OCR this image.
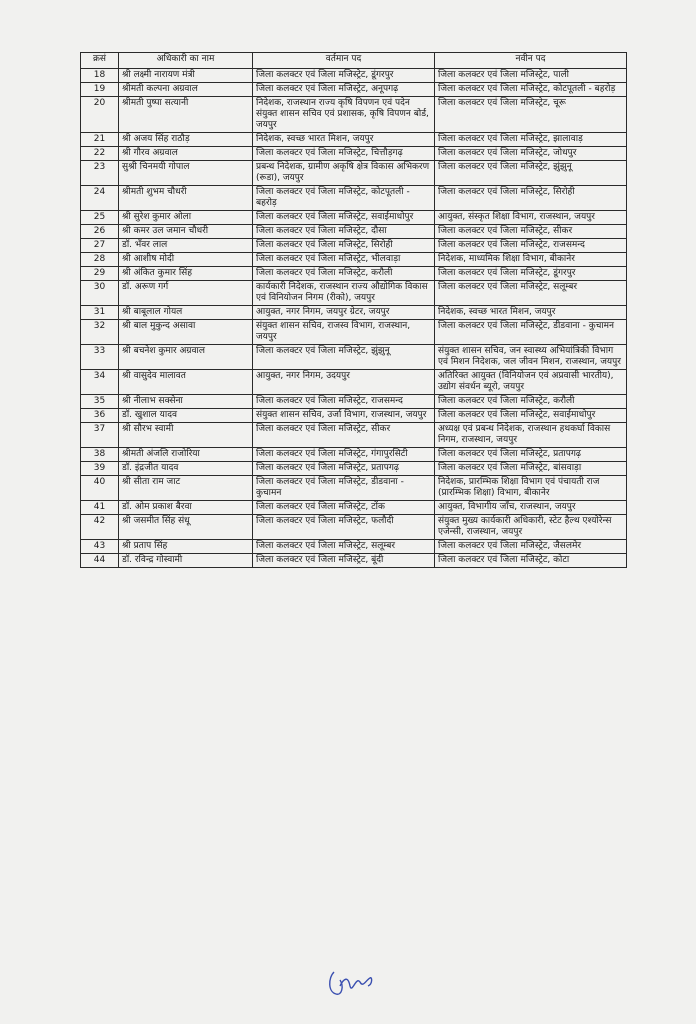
क्रसं	अधिकारी का नाम	वर्तमान पद	नवीन पद
18	श्री लक्ष्मी नारायण मंत्री	जिला कलक्टर एवं जिला मजिस्ट्रेट, डूंगरपुर	जिला कलक्टर एवं जिला मजिस्ट्रेट, पाली
19	श्रीमती कल्पना अग्रवाल	जिला कलक्टर एवं जिला मजिस्ट्रेट, अनूपगढ़	जिला कलक्टर एवं जिला मजिस्ट्रेट, कोटपूतली - बहरोड़
20	श्रीमती पुष्पा सत्यानी	निदेशक, राजस्थान राज्य कृषि विपणन एवं पदेन संयुक्त शासन सचिव एवं प्रशासक, कृषि विपणन बोर्ड, जयपुर	जिला कलक्टर एवं जिला मजिस्ट्रेट, चूरू
21	श्री अजय सिंह राठौड़	निदेशक, स्वच्छ भारत मिशन, जयपुर	जिला कलक्टर एवं जिला मजिस्ट्रेट, झालावाड़
22	श्री गौरव अग्रवाल	जिला कलक्टर एवं जिला मजिस्ट्रेट, चित्तौड़गढ़	जिला कलक्टर एवं जिला मजिस्ट्रेट, जोधपुर
23	सुश्री चिनमयी गोपाल	प्रबन्ध निदेशक, ग्रामीण अकृषि क्षेत्र विकास अभिकरण (रूडा), जयपुर	जिला कलक्टर एवं जिला मजिस्ट्रेट, झुंझुनू
24	श्रीमती शुभम चौधरी	जिला कलक्टर एवं जिला मजिस्ट्रेट, कोटपूतली - बहरोड़	जिला कलक्टर एवं जिला मजिस्ट्रेट, सिरोही
25	श्री सुरेश कुमार ओला	जिला कलक्टर एवं जिला मजिस्ट्रेट, सवाईमाधोपुर	आयुक्त, संस्कृत शिक्षा विभाग, राजस्थान, जयपुर
26	श्री कमर उल जमान चौधरी	जिला कलक्टर एवं जिला मजिस्ट्रेट, दौसा	जिला कलक्टर एवं जिला मजिस्ट्रेट, सीकर
27	डॉ. भँवर लाल	जिला कलक्टर एवं जिला मजिस्ट्रेट, सिरोही	जिला कलक्टर एवं जिला मजिस्ट्रेट, राजसमन्द
28	श्री आशीष मोदी	जिला कलक्टर एवं जिला मजिस्ट्रेट, भीलवाड़ा	निदेशक, माध्यमिक शिक्षा विभाग, बीकानेर
29	श्री अंकित कुमार सिंह	जिला कलक्टर एवं जिला मजिस्ट्रेट, करौली	जिला कलक्टर एवं जिला मजिस्ट्रेट, डूंगरपुर
30	डॉ. अरूण गर्ग	कार्यकारी निदेशक, राजस्थान राज्य औद्योगिक विकास एवं विनियोजन निगम (रीको), जयपुर	जिला कलक्टर एवं जिला मजिस्ट्रेट, सलूम्बर
31	श्री बाबूलाल गोयल	आयुक्त, नगर निगम, जयपुर ग्रेटर, जयपुर	निदेशक, स्वच्छ भारत मिशन, जयपुर
32	श्री बाल मुकुन्द असावा	संयुक्त शासन सचिव, राजस्व विभाग, राजस्थान, जयपुर	जिला कलक्टर एवं जिला मजिस्ट्रेट, डीडवाना - कुचामन
33	श्री बचनेश कुमार अग्रवाल	जिला कलक्टर एवं जिला मजिस्ट्रेट, झुंझुनू	संयुक्त शासन सचिव, जन स्वास्थ्य अभियांत्रिकी विभाग एवं मिशन निदेशक, जल जीवन मिशन, राजस्थान, जयपुर
34	श्री वासुदेव मालावत	आयुक्त, नगर निगम, उदयपुर	अतिरिक्त आयुक्त (विनियोजन एवं अप्रवासी भारतीय), उद्योग संवर्धन ब्यूरो, जयपुर
35	श्री नीलाभ सक्सेना	जिला कलक्टर एवं जिला मजिस्ट्रेट, राजसमन्द	जिला कलक्टर एवं जिला मजिस्ट्रेट, करौली
36	डॉ. खुशाल यादव	संयुक्त शासन सचिव, उर्जा विभाग, राजस्थान, जयपुर	जिला कलक्टर एवं जिला मजिस्ट्रेट, सवाईमाधोपुर
37	श्री सौरभ स्वामी	जिला कलक्टर एवं जिला मजिस्ट्रेट, सीकर	अध्यक्ष एवं प्रबन्ध निदेशक, राजस्थान हथकर्घा विकास निगम, राजस्थान, जयपुर
38	श्रीमती अंजलि राजोरिया	जिला कलक्टर एवं जिला मजिस्ट्रेट, गंगापुरसिटी	जिला कलक्टर एवं जिला मजिस्ट्रेट, प्रतापगढ़
39	डॉ. इंद्रजीत यादव	जिला कलक्टर एवं जिला मजिस्ट्रेट, प्रतापगढ़	जिला कलक्टर एवं जिला मजिस्ट्रेट, बांसवाड़ा
40	श्री सीता राम जाट	जिला कलक्टर एवं जिला मजिस्ट्रेट, डीडवाना - कुचामन	निदेशक, प्रारम्भिक शिक्षा विभाग एवं पंचायती राज (प्रारम्भिक शिक्षा) विभाग, बीकानेर
41	डॉ. ओम प्रकाश बैरवा	जिला कलक्टर एवं जिला मजिस्ट्रेट, टोंक	आयुक्त, विभागीय जाँच, राजस्थान, जयपुर
42	श्री जसमीत सिंह संधू	जिला कलक्टर एवं जिला मजिस्ट्रेट, फलौदी	संयुक्त मुख्य कार्यकारी अधिकारी, स्टेट हैल्थ एश्योरेन्स एजेन्सी, राजस्थान, जयपुर
43	श्री प्रताप सिंह	जिला कलक्टर एवं जिला मजिस्ट्रेट, सलूम्बर	जिला कलक्टर एवं जिला मजिस्ट्रेट, जैसलमेर
44	डॉ. रविन्द्र गोस्वामी	जिला कलक्टर एवं जिला मजिस्ट्रेट, बूंदी	जिला कलक्टर एवं जिला मजिस्ट्रेट, कोटा
